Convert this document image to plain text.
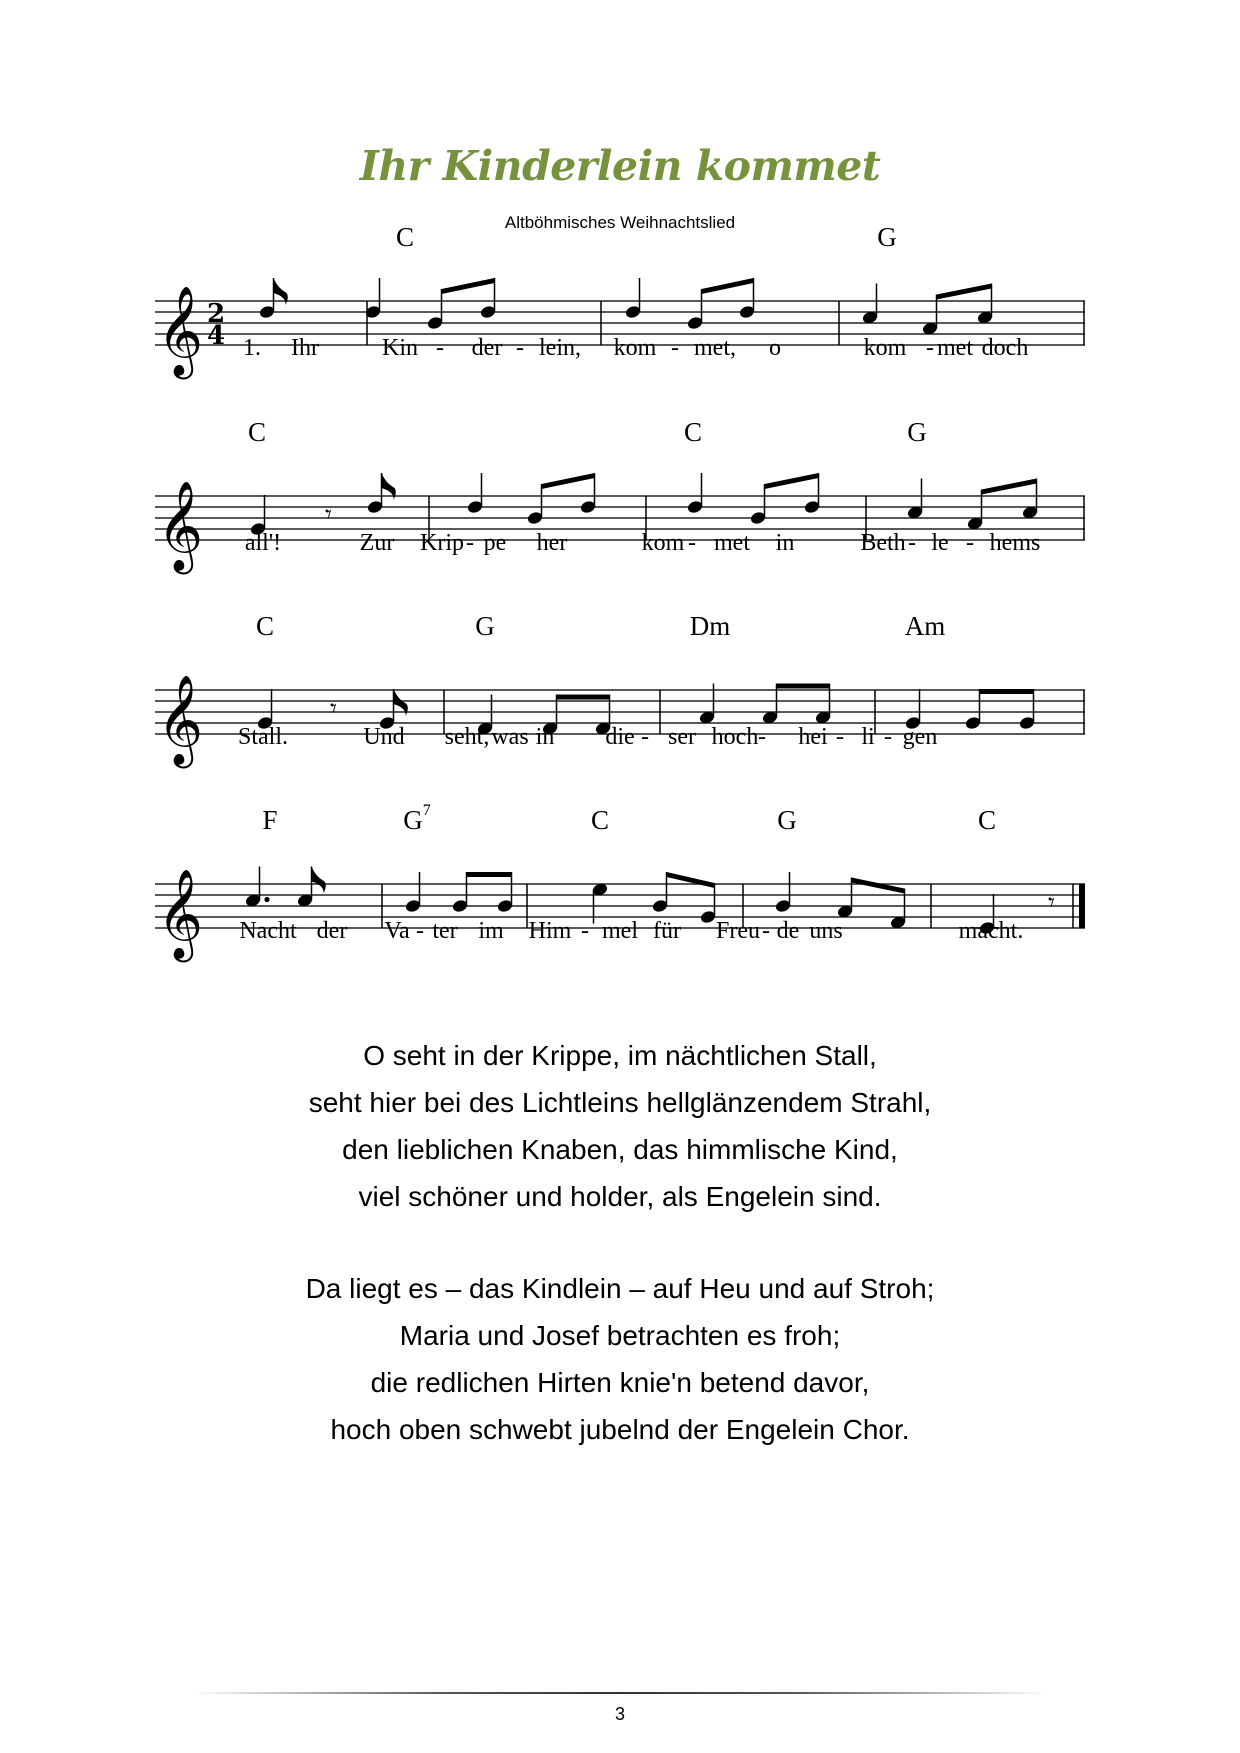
Ihr Kinderlein kommet
Altböhmisches Weihnachtslied
𝄞 2
4
C	G
1. Ihr	Kin - der - lein, kom - met, o	kom - met doch
𝄞	𝄾
C	C	G
all'!	Zur Krip - pe her	kom - met in	Beth - le - hems
𝄞	𝄾
C	G	Dm	Am
Stall.	Und seht, was in die - ser hoch - hei - li - gen
𝄞	𝄾
F	$G^7$	C	G	C
Nacht der Va - ter im Him - mel für Freu - de uns	macht.
O seht in der Krippe, im nächtlichen Stall,
seht hier bei des Lichtleins hellglänzendem Strahl,
den lieblichen Knaben, das himmlische Kind,
viel schöner und holder, als Engelein sind.
Da liegt es – das Kindlein – auf Heu und auf Stroh;
Maria und Josef betrachten es froh;
die redlichen Hirten knie'n betend davor,
hoch oben schwebt jubelnd der Engelein Chor.
3
